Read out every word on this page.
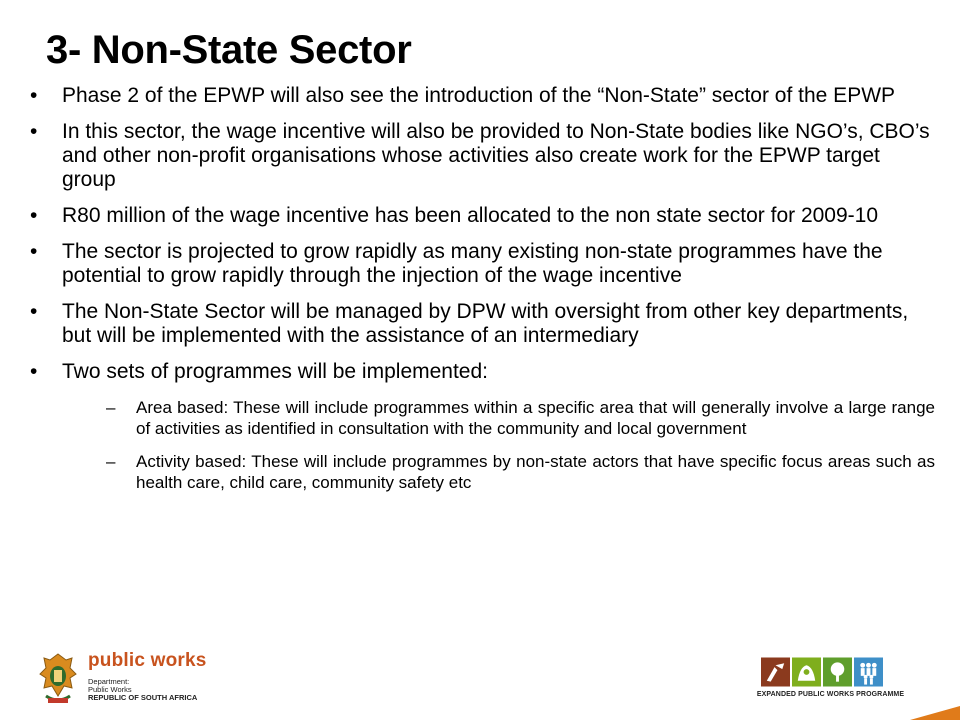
3- Non-State Sector
•	Phase 2 of the EPWP will also see the introduction of the “Non-State” sector of the EPWP
•	In this sector, the wage incentive will also be provided to Non-State bodies like NGO’s, CBO’s and other non-profit organisations whose activities also create work for the EPWP target group
•	R80 million of the wage incentive has been allocated to the non state sector for 2009-10
•	The sector is projected to grow rapidly as many existing non-state programmes have the potential to grow rapidly through the injection of the wage incentive
•	The Non-State Sector will be managed by DPW with oversight from other key departments, but will be implemented with the assistance of an intermediary
•	Two sets of programmes will be implemented:
– Area based: These will include programmes within a specific area that will generally involve a large range of activities as identified in consultation with the community and local government
– Activity based: These will include programmes by non-state actors that have specific focus areas such as health care, child care, community safety etc
public works
Department:
Public Works
REPUBLIC OF SOUTH AFRICA	EXPANDED PUBLIC WORKS PROGRAMME
